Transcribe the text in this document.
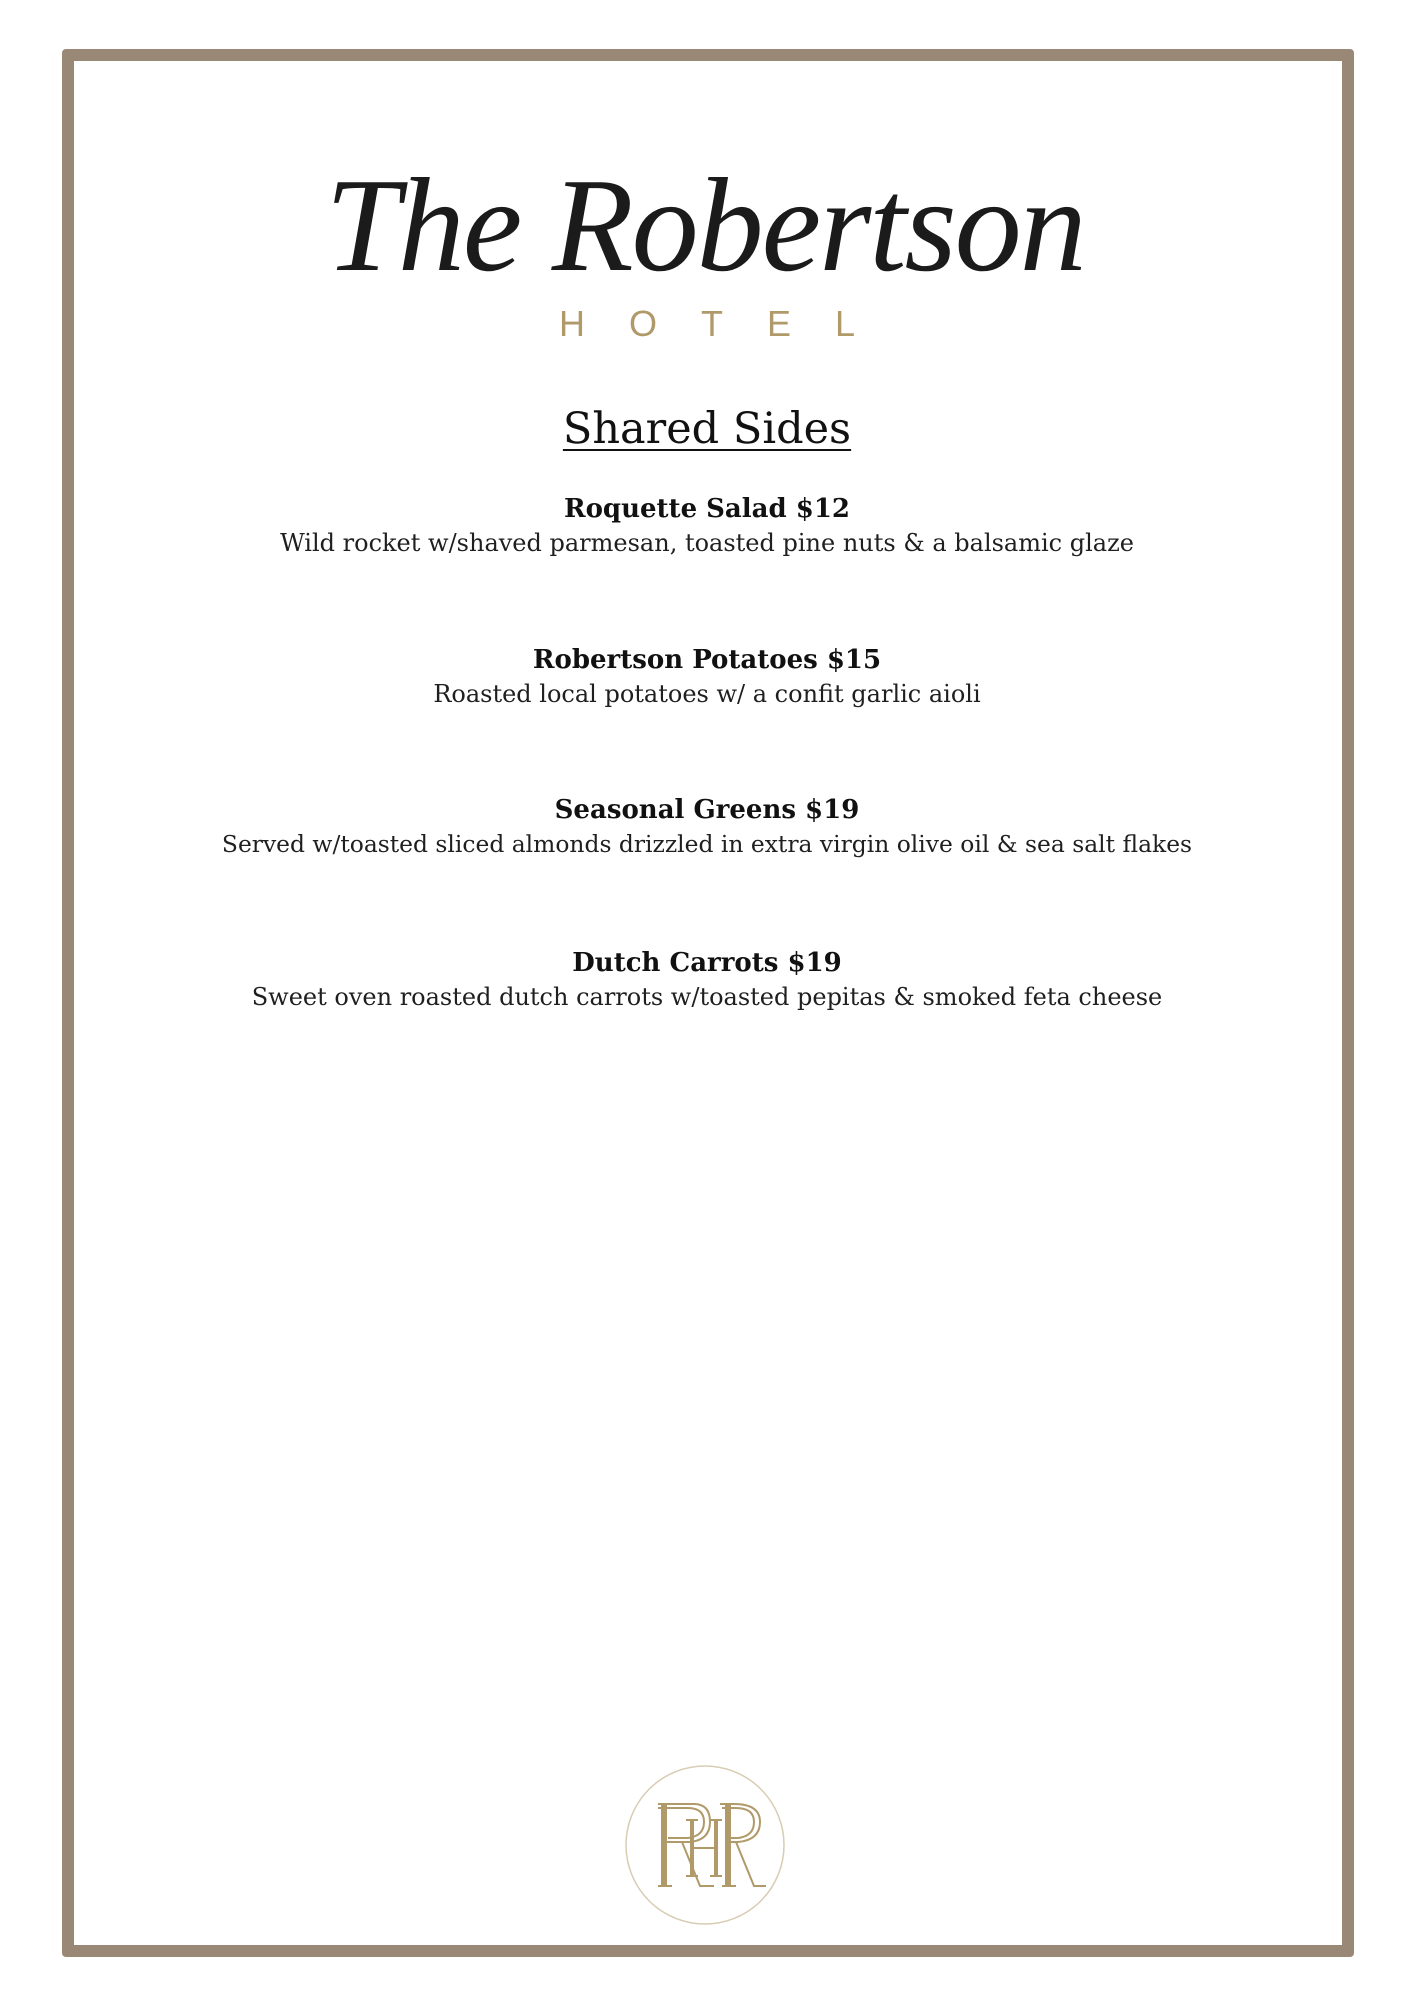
The Robertson
HOTEL
Shared Sides
Roquette Salad $12
Wild rocket w/shaved parmesan, toasted pine nuts & a balsamic glaze
Robertson Potatoes $15
Roasted local potatoes w/ a confit garlic aioli
Seasonal Greens $19
Served w/toasted sliced almonds drizzled in extra virgin olive oil & sea salt flakes
Dutch Carrots $19
Sweet oven roasted dutch carrots w/toasted pepitas & smoked feta cheese
